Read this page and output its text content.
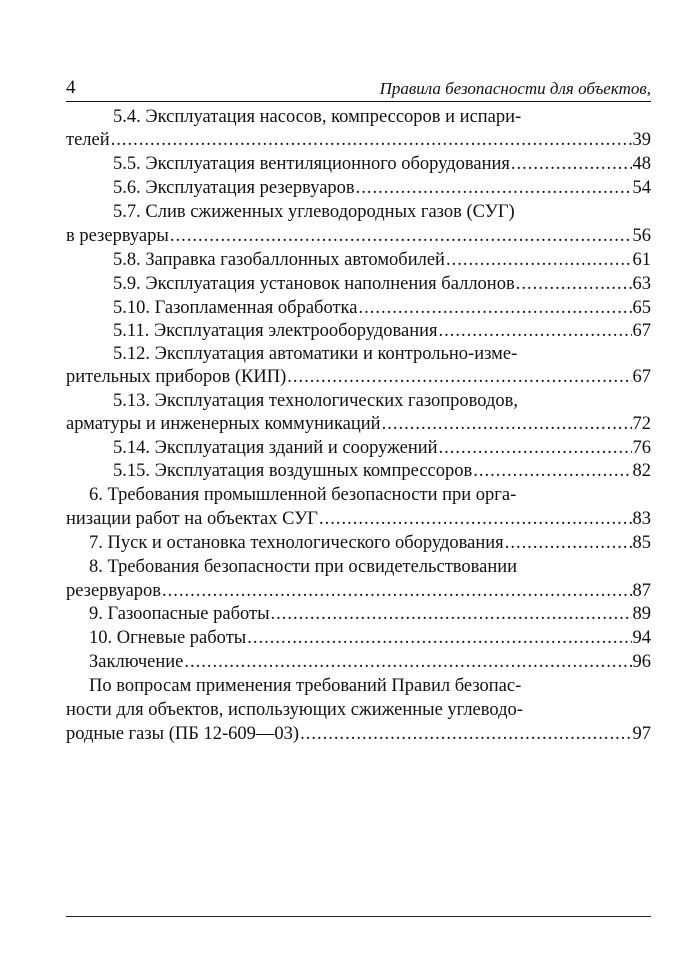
4	Правила безопасности для объектов,
5.4. Эксплуатация насосов, компрессоров и испари-
телей .....	39
5.5. Эксплуатация вентиляционного оборудования .....	48
5.6. Эксплуатация резервуаров .....	54
5.7. Слив сжиженных углеводородных газов (СУГ)
в резервуары .....	56
5.8. Заправка газобаллонных автомобилей .....	61
5.9. Эксплуатация установок наполнения баллонов .....	63
5.10. Газопламенная обработка .....	65
5.11. Эксплуатация электрооборудования .....	67
5.12. Эксплуатация автоматики и контрольно-изме-
рительных приборов (КИП) .....	67
5.13. Эксплуатация технологических газопроводов,
арматуры и инженерных коммуникаций .....	72
5.14. Эксплуатация зданий и сооружений .....	76
5.15. Эксплуатация воздушных компрессоров .....	82
6. Требования промышленной безопасности при орга-
низации работ на объектах СУГ .....	83
7. Пуск и остановка технологического оборудования .....	85
8. Требования безопасности при освидетельствовании
резервуаров .....	87
9. Газоопасные работы .....	89
10. Огневые работы .....	94
Заключение .....	96
По вопросам применения требований Правил безопас-
ности для объектов, использующих сжиженные углеводо-
родные газы (ПБ 12-609—03) .....	97
